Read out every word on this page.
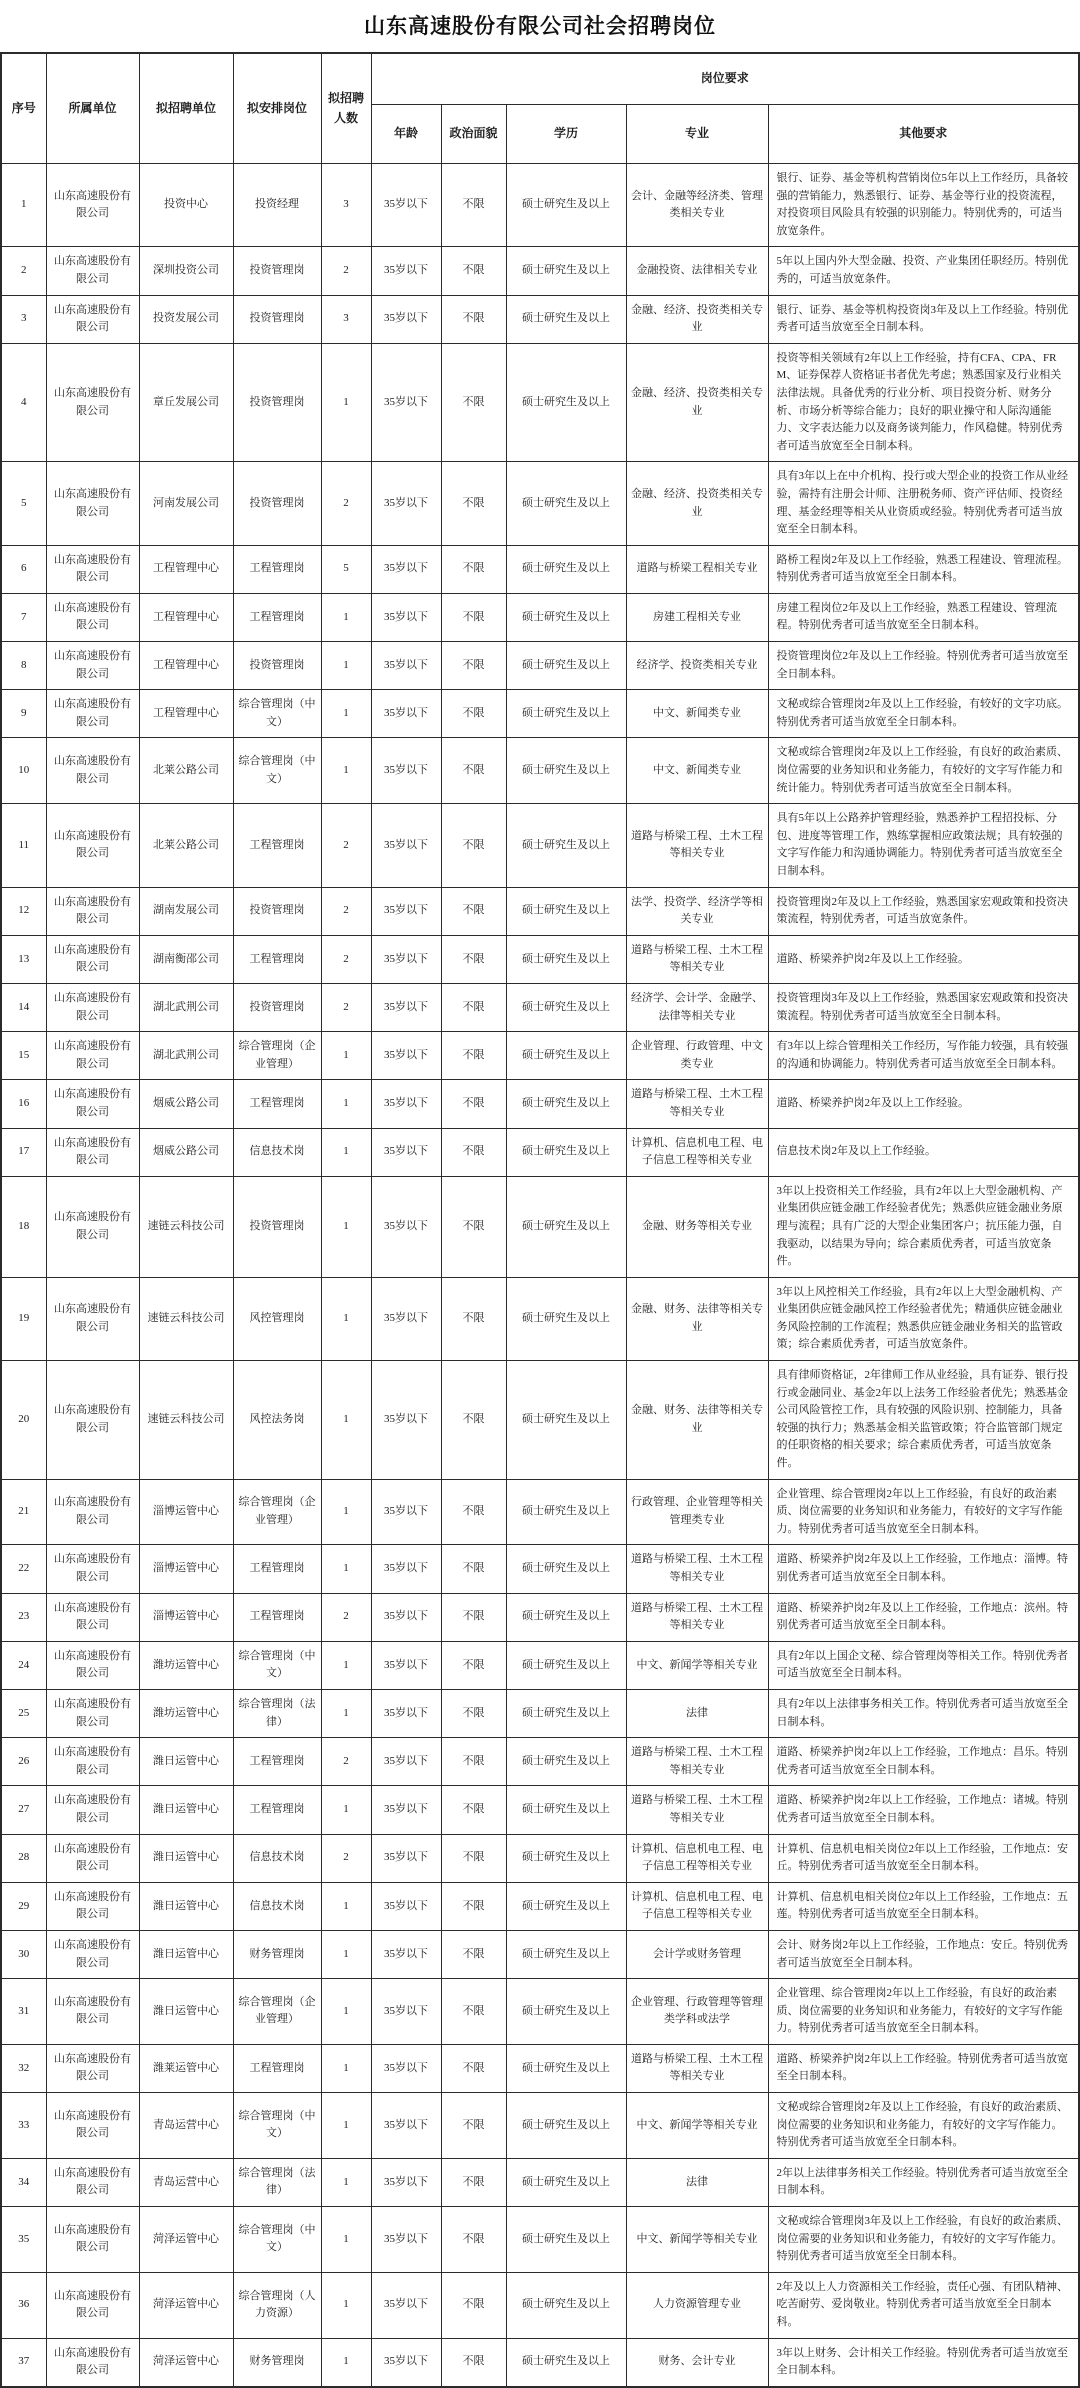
山东高速股份有限公司社会招聘岗位
序号	所属单位	拟招聘单位	拟安排岗位	拟招聘人数	岗位要求				
					年龄	政治面貌	学历	专业	其他要求
1	山东高速股份有限公司	投资中心	投资经理	3	35岁以下	不限	硕士研究生及以上	会计、金融等经济类、管理类相关专业	银行、证券、基金等机构营销岗位5年以上工作经历，具备较强的营销能力，熟悉银行、证券、基金等行业的投资流程，对投资项目风险具有较强的识别能力。特别优秀的，可适当放宽条件。
2	山东高速股份有限公司	深圳投资公司	投资管理岗	2	35岁以下	不限	硕士研究生及以上	金融投资、法律相关专业	5年以上国内外大型金融、投资、产业集团任职经历。特别优秀的，可适当放宽条件。
3	山东高速股份有限公司	投资发展公司	投资管理岗	3	35岁以下	不限	硕士研究生及以上	金融、经济、投资类相关专业	银行、证券、基金等机构投资岗3年及以上工作经验。特别优秀者可适当放宽至全日制本科。
4	山东高速股份有限公司	章丘发展公司	投资管理岗	1	35岁以下	不限	硕士研究生及以上	金融、经济、投资类相关专业	投资等相关领域有2年以上工作经验，持有CFA、CPA、FRM、证券保荐人资格证书者优先考虑；熟悉国家及行业相关法律法规。具备优秀的行业分析、项目投资分析、财务分析、市场分析等综合能力；良好的职业操守和人际沟通能力、文字表达能力以及商务谈判能力，作风稳健。特别优秀者可适当放宽至全日制本科。
5	山东高速股份有限公司	河南发展公司	投资管理岗	2	35岁以下	不限	硕士研究生及以上	金融、经济、投资类相关专业	具有3年以上在中介机构、投行或大型企业的投资工作从业经验，需持有注册会计师、注册税务师、资产评估师、投资经理、基金经理等相关从业资质或经验。特别优秀者可适当放宽至全日制本科。
6	山东高速股份有限公司	工程管理中心	工程管理岗	5	35岁以下	不限	硕士研究生及以上	道路与桥梁工程相关专业	路桥工程岗2年及以上工作经验，熟悉工程建设、管理流程。特别优秀者可适当放宽至全日制本科。
7	山东高速股份有限公司	工程管理中心	工程管理岗	1	35岁以下	不限	硕士研究生及以上	房建工程相关专业	房建工程岗位2年及以上工作经验，熟悉工程建设、管理流程。特别优秀者可适当放宽至全日制本科。
8	山东高速股份有限公司	工程管理中心	投资管理岗	1	35岁以下	不限	硕士研究生及以上	经济学、投资类相关专业	投资管理岗位2年及以上工作经验。特别优秀者可适当放宽至全日制本科。
9	山东高速股份有限公司	工程管理中心	综合管理岗（中文）	1	35岁以下	不限	硕士研究生及以上	中文、新闻类专业	文秘或综合管理岗2年及以上工作经验，有较好的文字功底。特别优秀者可适当放宽至全日制本科。
10	山东高速股份有限公司	北莱公路公司	综合管理岗（中文）	1	35岁以下	不限	硕士研究生及以上	中文、新闻类专业	文秘或综合管理岗2年及以上工作经验，有良好的政治素质、岗位需要的业务知识和业务能力，有较好的文字写作能力和统计能力。特别优秀者可适当放宽至全日制本科。
11	山东高速股份有限公司	北莱公路公司	工程管理岗	2	35岁以下	不限	硕士研究生及以上	道路与桥梁工程、土木工程等相关专业	具有5年以上公路养护管理经验，熟悉养护工程招投标、分包、进度等管理工作，熟练掌握相应政策法规；具有较强的文字写作能力和沟通协调能力。特别优秀者可适当放宽至全日制本科。
12	山东高速股份有限公司	湖南发展公司	投资管理岗	2	35岁以下	不限	硕士研究生及以上	法学、投资学、经济学等相关专业	投资管理岗2年及以上工作经验，熟悉国家宏观政策和投资决策流程，特别优秀者，可适当放宽条件。
13	山东高速股份有限公司	湖南衡邵公司	工程管理岗	2	35岁以下	不限	硕士研究生及以上	道路与桥梁工程、土木工程等相关专业	道路、桥梁养护岗2年及以上工作经验。
14	山东高速股份有限公司	湖北武荆公司	投资管理岗	2	35岁以下	不限	硕士研究生及以上	经济学、会计学、金融学、法律等相关专业	投资管理岗3年及以上工作经验，熟悉国家宏观政策和投资决策流程。特别优秀者可适当放宽至全日制本科。
15	山东高速股份有限公司	湖北武荆公司	综合管理岗（企业管理）	1	35岁以下	不限	硕士研究生及以上	企业管理、行政管理、中文类专业	有3年以上综合管理相关工作经历，写作能力较强，具有较强的沟通和协调能力。特别优秀者可适当放宽至全日制本科。
16	山东高速股份有限公司	烟威公路公司	工程管理岗	1	35岁以下	不限	硕士研究生及以上	道路与桥梁工程、土木工程等相关专业	道路、桥梁养护岗2年及以上工作经验。
17	山东高速股份有限公司	烟威公路公司	信息技术岗	1	35岁以下	不限	硕士研究生及以上	计算机、信息机电工程、电子信息工程等相关专业	信息技术岗2年及以上工作经验。
18	山东高速股份有限公司	速链云科技公司	投资管理岗	1	35岁以下	不限	硕士研究生及以上	金融、财务等相关专业	3年以上投资相关工作经验，具有2年以上大型金融机构、产业集团供应链金融工作经验者优先；熟悉供应链金融业务原理与流程；具有广泛的大型企业集团客户；抗压能力强，自我驱动，以结果为导向；综合素质优秀者，可适当放宽条件。
19	山东高速股份有限公司	速链云科技公司	风控管理岗	1	35岁以下	不限	硕士研究生及以上	金融、财务、法律等相关专业	3年以上风控相关工作经验，具有2年以上大型金融机构、产业集团供应链金融风控工作经验者优先；精通供应链金融业务风险控制的工作流程；熟悉供应链金融业务相关的监管政策；综合素质优秀者，可适当放宽条件。
20	山东高速股份有限公司	速链云科技公司	风控法务岗	1	35岁以下	不限	硕士研究生及以上	金融、财务、法律等相关专业	具有律师资格证，2年律师工作从业经验，具有证券、银行投行或金融同业、基金2年以上法务工作经验者优先；熟悉基金公司风险管控工作，具有较强的风险识别、控制能力，具备较强的执行力；熟悉基金相关监管政策；符合监管部门规定的任职资格的相关要求；综合素质优秀者，可适当放宽条件。
21	山东高速股份有限公司	淄博运管中心	综合管理岗（企业管理）	1	35岁以下	不限	硕士研究生及以上	行政管理、企业管理等相关管理类专业	企业管理、综合管理岗2年以上工作经验，有良好的政治素质、岗位需要的业务知识和业务能力，有较好的文字写作能力。特别优秀者可适当放宽至全日制本科。
22	山东高速股份有限公司	淄博运管中心	工程管理岗	1	35岁以下	不限	硕士研究生及以上	道路与桥梁工程、土木工程等相关专业	道路、桥梁养护岗2年及以上工作经验，工作地点：淄博。特别优秀者可适当放宽至全日制本科。
23	山东高速股份有限公司	淄博运管中心	工程管理岗	2	35岁以下	不限	硕士研究生及以上	道路与桥梁工程、土木工程等相关专业	道路、桥梁养护岗2年及以上工作经验，工作地点：滨州。特别优秀者可适当放宽至全日制本科。
24	山东高速股份有限公司	潍坊运管中心	综合管理岗（中文）	1	35岁以下	不限	硕士研究生及以上	中文、新闻学等相关专业	具有2年以上国企文秘、综合管理岗等相关工作。特别优秀者可适当放宽至全日制本科。
25	山东高速股份有限公司	潍坊运管中心	综合管理岗（法律）	1	35岁以下	不限	硕士研究生及以上	法律	具有2年以上法律事务相关工作。特别优秀者可适当放宽至全日制本科。
26	山东高速股份有限公司	潍日运管中心	工程管理岗	2	35岁以下	不限	硕士研究生及以上	道路与桥梁工程、土木工程等相关专业	道路、桥梁养护岗2年以上工作经验，工作地点：昌乐。特别优秀者可适当放宽至全日制本科。
27	山东高速股份有限公司	潍日运管中心	工程管理岗	1	35岁以下	不限	硕士研究生及以上	道路与桥梁工程、土木工程等相关专业	道路、桥梁养护岗2年以上工作经验，工作地点：诸城。特别优秀者可适当放宽至全日制本科。
28	山东高速股份有限公司	潍日运管中心	信息技术岗	2	35岁以下	不限	硕士研究生及以上	计算机、信息机电工程、电子信息工程等相关专业	计算机、信息机电相关岗位2年以上工作经验，工作地点：安丘。特别优秀者可适当放宽至全日制本科。
29	山东高速股份有限公司	潍日运管中心	信息技术岗	1	35岁以下	不限	硕士研究生及以上	计算机、信息机电工程、电子信息工程等相关专业	计算机、信息机电相关岗位2年以上工作经验，工作地点：五莲。特别优秀者可适当放宽至全日制本科。
30	山东高速股份有限公司	潍日运管中心	财务管理岗	1	35岁以下	不限	硕士研究生及以上	会计学或财务管理	会计、财务岗2年以上工作经验，工作地点：安丘。特别优秀者可适当放宽至全日制本科。
31	山东高速股份有限公司	潍日运管中心	综合管理岗（企业管理）	1	35岁以下	不限	硕士研究生及以上	企业管理、行政管理等管理类学科或法学	企业管理、综合管理岗2年以上工作经验，有良好的政治素质、岗位需要的业务知识和业务能力，有较好的文字写作能力。特别优秀者可适当放宽至全日制本科。
32	山东高速股份有限公司	潍莱运管中心	工程管理岗	1	35岁以下	不限	硕士研究生及以上	道路与桥梁工程、土木工程等相关专业	道路、桥梁养护岗2年以上工作经验。特别优秀者可适当放宽至全日制本科。
33	山东高速股份有限公司	青岛运营中心	综合管理岗（中文）	1	35岁以下	不限	硕士研究生及以上	中文、新闻学等相关专业	文秘或综合管理岗2年及以上工作经验，有良好的政治素质、岗位需要的业务知识和业务能力，有较好的文字写作能力。特别优秀者可适当放宽至全日制本科。
34	山东高速股份有限公司	青岛运营中心	综合管理岗（法律）	1	35岁以下	不限	硕士研究生及以上	法律	2年以上法律事务相关工作经验。特别优秀者可适当放宽至全日制本科。
35	山东高速股份有限公司	菏泽运管中心	综合管理岗（中文）	1	35岁以下	不限	硕士研究生及以上	中文、新闻学等相关专业	文秘或综合管理岗3年及以上工作经验，有良好的政治素质、岗位需要的业务知识和业务能力，有较好的文字写作能力。特别优秀者可适当放宽至全日制本科。
36	山东高速股份有限公司	菏泽运管中心	综合管理岗（人力资源）	1	35岁以下	不限	硕士研究生及以上	人力资源管理专业	2年及以上人力资源相关工作经验，责任心强、有团队精神、吃苦耐劳、爱岗敬业。特别优秀者可适当放宽至全日制本科。
37	山东高速股份有限公司	菏泽运管中心	财务管理岗	1	35岁以下	不限	硕士研究生及以上	财务、会计专业	3年以上财务、会计相关工作经验。特别优秀者可适当放宽至全日制本科。
